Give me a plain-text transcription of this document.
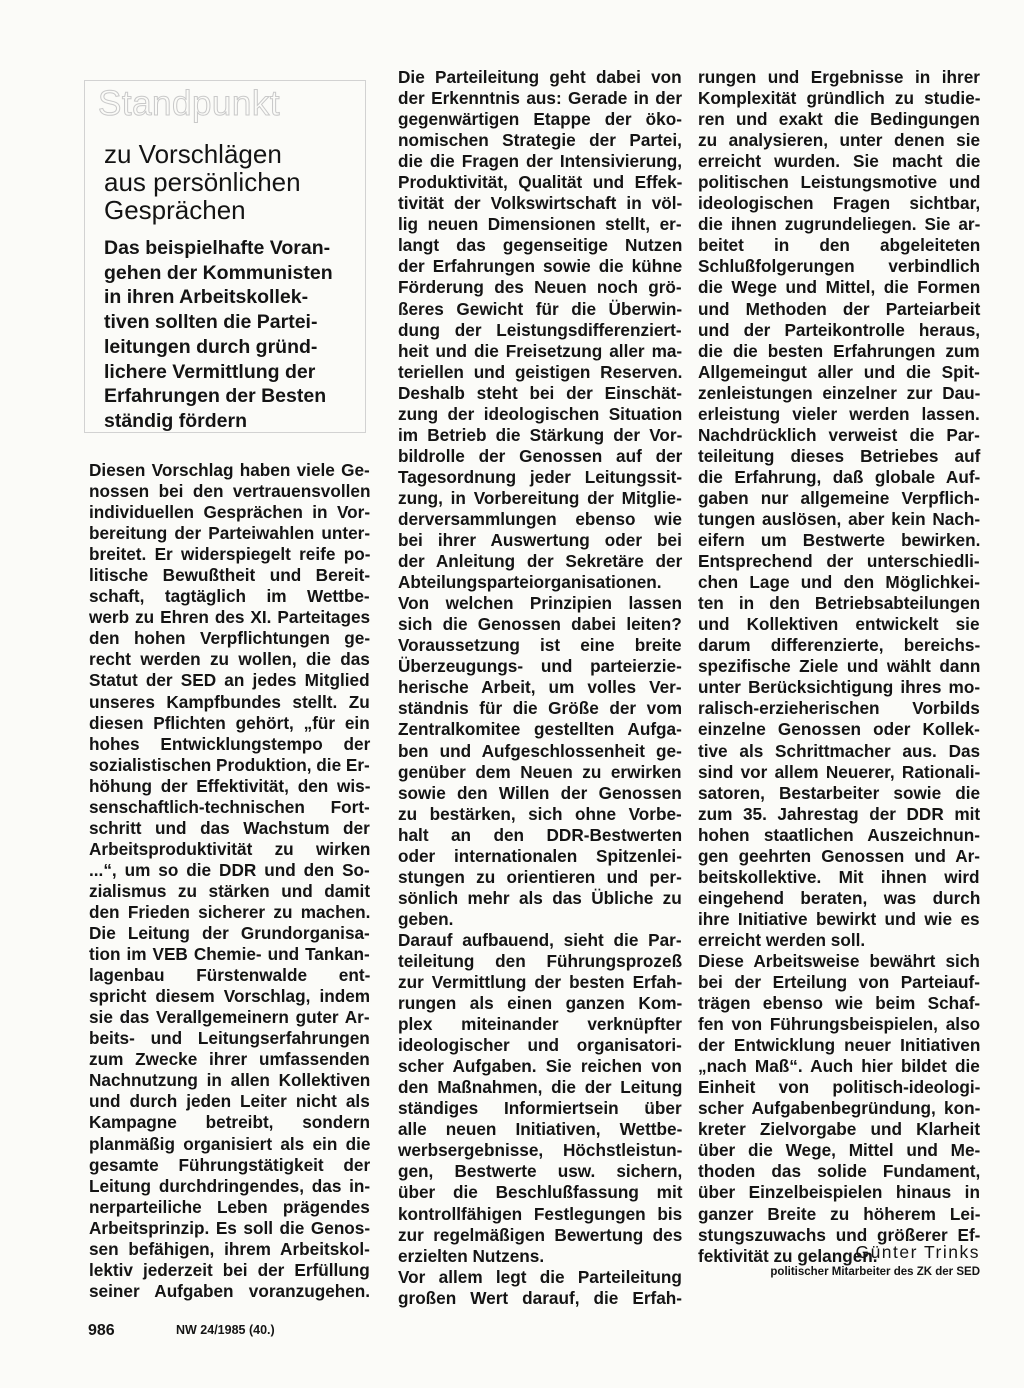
Standpunkt
zu Vorschlägen
aus persönlichen
Gesprächen
Das beispielhafte Voran-
gehen der Kommunisten
in ihren Arbeitskollek-
tiven sollten die Partei-
leitungen durch gründ-
lichere Vermittlung der
Erfahrungen der Besten
ständig fördern
Diesen Vorschlag haben viele Ge-
nossen bei den vertrauensvollen
individuellen Gesprächen in Vor-
bereitung der Parteiwahlen unter-
breitet. Er widerspiegelt reife po-
litische Bewußtheit und Bereit-
schaft, tagtäglich im Wettbe-
werb zu Ehren des XI. Parteitages
den hohen Verpflichtungen ge-
recht werden zu wollen, die das
Statut der SED an jedes Mitglied
unseres Kampfbundes stellt. Zu
diesen Pflichten gehört, „für ein
hohes Entwicklungstempo der
sozialistischen Produktion, die Er-
höhung der Effektivität, den wis-
senschaftlich-technischen Fort-
schritt und das Wachstum der
Arbeitsproduktivität zu wirken
...“, um so die DDR und den So-
zialismus zu stärken und damit
den Frieden sicherer zu machen.
Die Leitung der Grundorganisa-
tion im VEB Chemie- und Tankan-
lagenbau Fürstenwalde ent-
spricht diesem Vorschlag, indem
sie das Verallgemeinern guter Ar-
beits- und Leitungserfahrungen
zum Zwecke ihrer umfassenden
Nachnutzung in allen Kollektiven
und durch jeden Leiter nicht als
Kampagne betreibt, sondern
planmäßig organisiert als ein die
gesamte Führungstätigkeit der
Leitung durchdringendes, das in-
nerparteiliche Leben prägendes
Arbeitsprinzip. Es soll die Genos-
sen befähigen, ihrem Arbeitskol-
lektiv jederzeit bei der Erfüllung
seiner Aufgaben voranzugehen.
Die Parteileitung geht dabei von
der Erkenntnis aus: Gerade in der
gegenwärtigen Etappe der öko-
nomischen Strategie der Partei,
die die Fragen der Intensivierung,
Produktivität, Qualität und Effek-
tivität der Volkswirtschaft in völ-
lig neuen Dimensionen stellt, er-
langt das gegenseitige Nutzen
der Erfahrungen sowie die kühne
Förderung des Neuen noch grö-
ßeres Gewicht für die Überwin-
dung der Leistungsdifferenziert-
heit und die Freisetzung aller ma-
teriellen und geistigen Reserven.
Deshalb steht bei der Einschät-
zung der ideologischen Situation
im Betrieb die Stärkung der Vor-
bildrolle der Genossen auf der
Tagesordnung jeder Leitungssit-
zung, in Vorbereitung der Mitglie-
derversammlungen ebenso wie
bei ihrer Auswertung oder bei
der Anleitung der Sekretäre der
Abteilungsparteiorganisationen.
Von welchen Prinzipien lassen
sich die Genossen dabei leiten?
Voraussetzung ist eine breite
Überzeugungs- und parteierzie-
herische Arbeit, um volles Ver-
ständnis für die Größe der vom
Zentralkomitee gestellten Aufga-
ben und Aufgeschlossenheit ge-
genüber dem Neuen zu erwirken
sowie den Willen der Genossen
zu bestärken, sich ohne Vorbe-
halt an den DDR-Bestwerten
oder internationalen Spitzenlei-
stungen zu orientieren und per-
sönlich mehr als das Übliche zu
geben.
Darauf aufbauend, sieht die Par-
teileitung den Führungsprozeß
zur Vermittlung der besten Erfah-
rungen als einen ganzen Kom-
plex miteinander verknüpfter
ideologischer und organisatori-
scher Aufgaben. Sie reichen von
den Maßnahmen, die der Leitung
ständiges Informiertsein über
alle neuen Initiativen, Wettbe-
werbsergebnisse, Höchstleistun-
gen, Bestwerte usw. sichern,
über die Beschlußfassung mit
kontrollfähigen Festlegungen bis
zur regelmäßigen Bewertung des
erzielten Nutzens.
Vor allem legt die Parteileitung
großen Wert darauf, die Erfah-
rungen und Ergebnisse in ihrer
Komplexität gründlich zu studie-
ren und exakt die Bedingungen
zu analysieren, unter denen sie
erreicht wurden. Sie macht die
politischen Leistungsmotive und
ideologischen Fragen sichtbar,
die ihnen zugrundeliegen. Sie ar-
beitet in den abgeleiteten
Schlußfolgerungen verbindlich
die Wege und Mittel, die Formen
und Methoden der Parteiarbeit
und der Parteikontrolle heraus,
die die besten Erfahrungen zum
Allgemeingut aller und die Spit-
zenleistungen einzelner zur Dau-
erleistung vieler werden lassen.
Nachdrücklich verweist die Par-
teileitung dieses Betriebes auf
die Erfahrung, daß globale Auf-
gaben nur allgemeine Verpflich-
tungen auslösen, aber kein Nach-
eifern um Bestwerte bewirken.
Entsprechend der unterschiedli-
chen Lage und den Möglichkei-
ten in den Betriebsabteilungen
und Kollektiven entwickelt sie
darum differenzierte, bereichs-
spezifische Ziele und wählt dann
unter Berücksichtigung ihres mo-
ralisch-erzieherischen Vorbilds
einzelne Genossen oder Kollek-
tive als Schrittmacher aus. Das
sind vor allem Neuerer, Rationali-
satoren, Bestarbeiter sowie die
zum 35. Jahrestag der DDR mit
hohen staatlichen Auszeichnun-
gen geehrten Genossen und Ar-
beitskollektive. Mit ihnen wird
eingehend beraten, was durch
ihre Initiative bewirkt und wie es
erreicht werden soll.
Diese Arbeitsweise bewährt sich
bei der Erteilung von Parteiauf-
trägen ebenso wie beim Schaf-
fen von Führungsbeispielen, also
der Entwicklung neuer Initiativen
„nach Maß“. Auch hier bildet die
Einheit von politisch-ideologi-
scher Aufgabenbegründung, kon-
kreter Zielvorgabe und Klarheit
über die Wege, Mittel und Me-
thoden das solide Fundament,
über Einzelbeispielen hinaus in
ganzer Breite zu höherem Lei-
stungszuwachs und größerer Ef-
fektivität zu gelangen.
Günter Trinks
politischer Mitarbeiter des ZK der SED
986	NW 24/1985 (40.)
